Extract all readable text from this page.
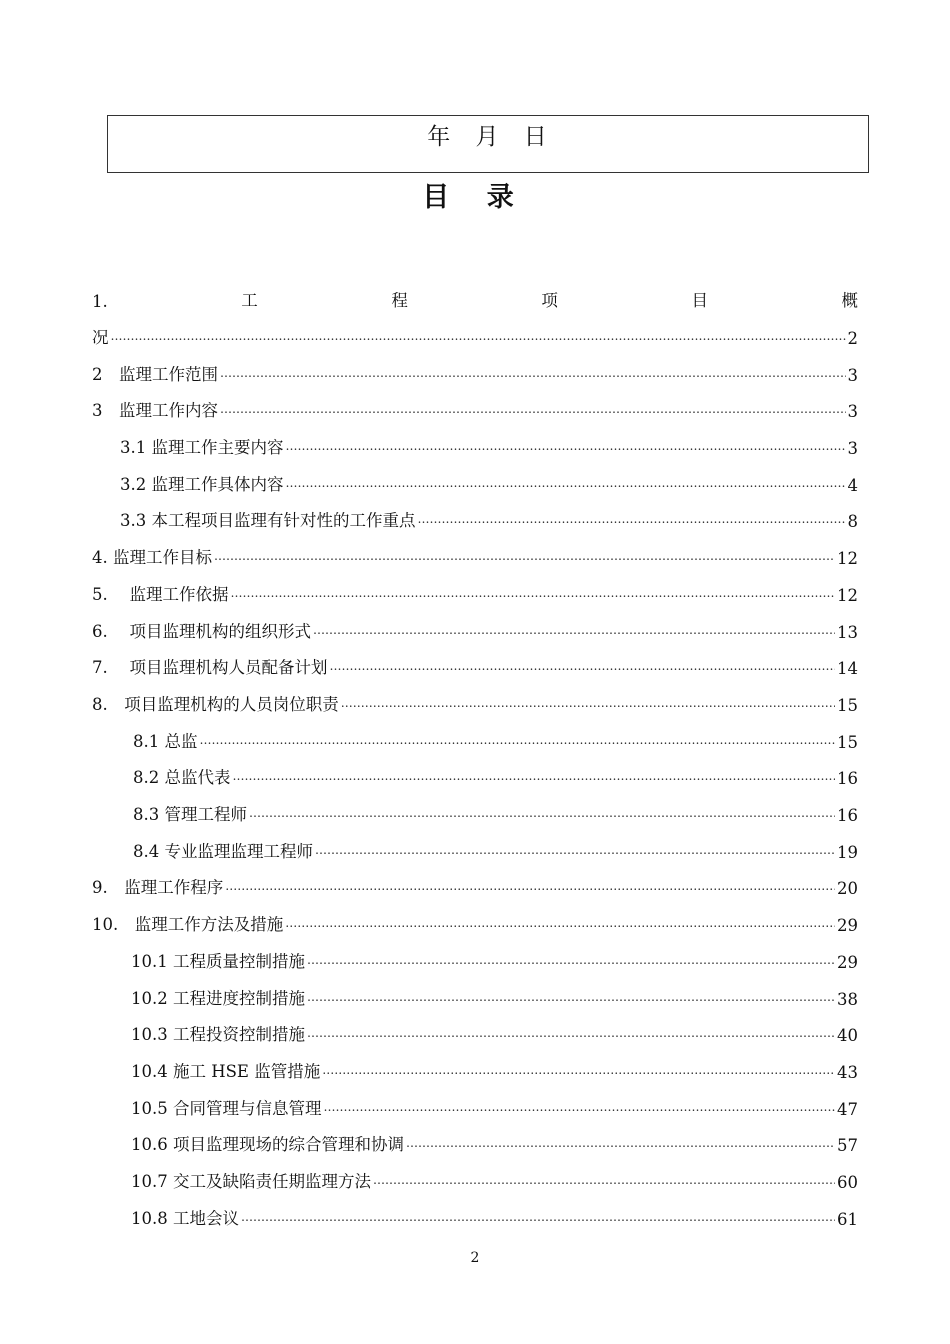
年 月 日
目 录
1.	工	程	项	目	概
况 ……………………………………………………………………………………………………………………………………………………………………	2
2　监理工作范围 ……………………………………………………………………………………………………………………………………………………………………	3
3　监理工作内容 ……………………………………………………………………………………………………………………………………………………………………	3
3.1 监理工作主要内容 ……………………………………………………………………………………………………………………………………………………………………	3
3.2 监理工作具体内容 ……………………………………………………………………………………………………………………………………………………………………	4
3.3 本工程项目监理有针对性的工作重点 ……………………………………………………………………………………………………………………………………………………………………	8
4. 监理工作目标 ……………………………………………………………………………………………………………………………………………………………………	12
5.　 监理工作依据 ……………………………………………………………………………………………………………………………………………………………………	12
6.　 项目监理机构的组织形式 ……………………………………………………………………………………………………………………………………………………………………	13
7.　 项目监理机构人员配备计划 ……………………………………………………………………………………………………………………………………………………………………	14
8.　项目监理机构的人员岗位职责 ……………………………………………………………………………………………………………………………………………………………………	15
8.1 总监 ……………………………………………………………………………………………………………………………………………………………………	15
8.2 总监代表 ……………………………………………………………………………………………………………………………………………………………………	16
8.3 管理工程师 ……………………………………………………………………………………………………………………………………………………………………	16
8.4 专业监理监理工程师 ……………………………………………………………………………………………………………………………………………………………………	19
9.　监理工作程序 ……………………………………………………………………………………………………………………………………………………………………	20
10.　监理工作方法及措施 ……………………………………………………………………………………………………………………………………………………………………	29
10.1 工程质量控制措施 ……………………………………………………………………………………………………………………………………………………………………	29
10.2 工程进度控制措施 ……………………………………………………………………………………………………………………………………………………………………	38
10.3 工程投资控制措施 ……………………………………………………………………………………………………………………………………………………………………	40
10.4 施工 HSE 监管措施 ……………………………………………………………………………………………………………………………………………………………………	43
10.5 合同管理与信息管理 ……………………………………………………………………………………………………………………………………………………………………	47
10.6 项目监理现场的综合管理和协调 ……………………………………………………………………………………………………………………………………………………………………	57
10.7 交工及缺陷责任期监理方法 ……………………………………………………………………………………………………………………………………………………………………	60
10.8 工地会议 ……………………………………………………………………………………………………………………………………………………………………	61
2
